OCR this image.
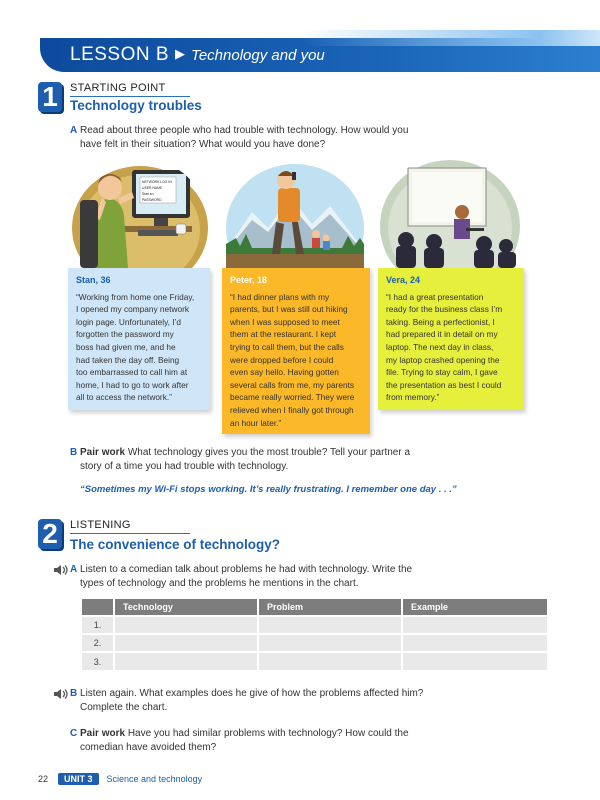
LESSON B ▶ Technology and you
1	STARTING POINT
Technology troubles
A Read about three people who had trouble with technology. How would you
have felt in their situation? What would you have done?
NETWORK LOG IN
USER NAME
Stan.sn
PASSWORD
Stan, 36
“Working from home one Friday,
I opened my company network
login page. Unfortunately, I’d
forgotten the password my
boss had given me, and he
had taken the day off. Being
too embarrassed to call him at
home, I had to go to work after
all to access the network.”
Peter, 18
“I had dinner plans with my
parents, but I was still out hiking
when I was supposed to meet
them at the restaurant. I kept
trying to call them, but the calls
were dropped before I could
even say hello. Having gotten
several calls from me, my parents
became really worried. They were
relieved when I finally got through
an hour later.”
Vera, 24
“I had a great presentation
ready for the business class I’m
taking. Being a perfectionist, I
had prepared it in detail on my
laptop. The next day in class,
my laptop crashed opening the
file. Trying to stay calm, I gave
the presentation as best I could
from memory.”
B Pair work What technology gives you the most trouble? Tell your partner a
story of a time you had trouble with technology.
“Sometimes my Wi-Fi stops working. It’s really frustrating. I remember one day . . .”
2	LISTENING
The convenience of technology?
A Listen to a comedian talk about problems he had with technology. Write the
types of technology and the problems he mentions in the chart.
	Technology	Problem	Example
1.			
2.			
3.			
B Listen again. What examples does he give of how the problems affected him?
Complete the chart.
C Pair work Have you had similar problems with technology? How could the
comedian have avoided them?
22 UNIT 3 Science and technology
